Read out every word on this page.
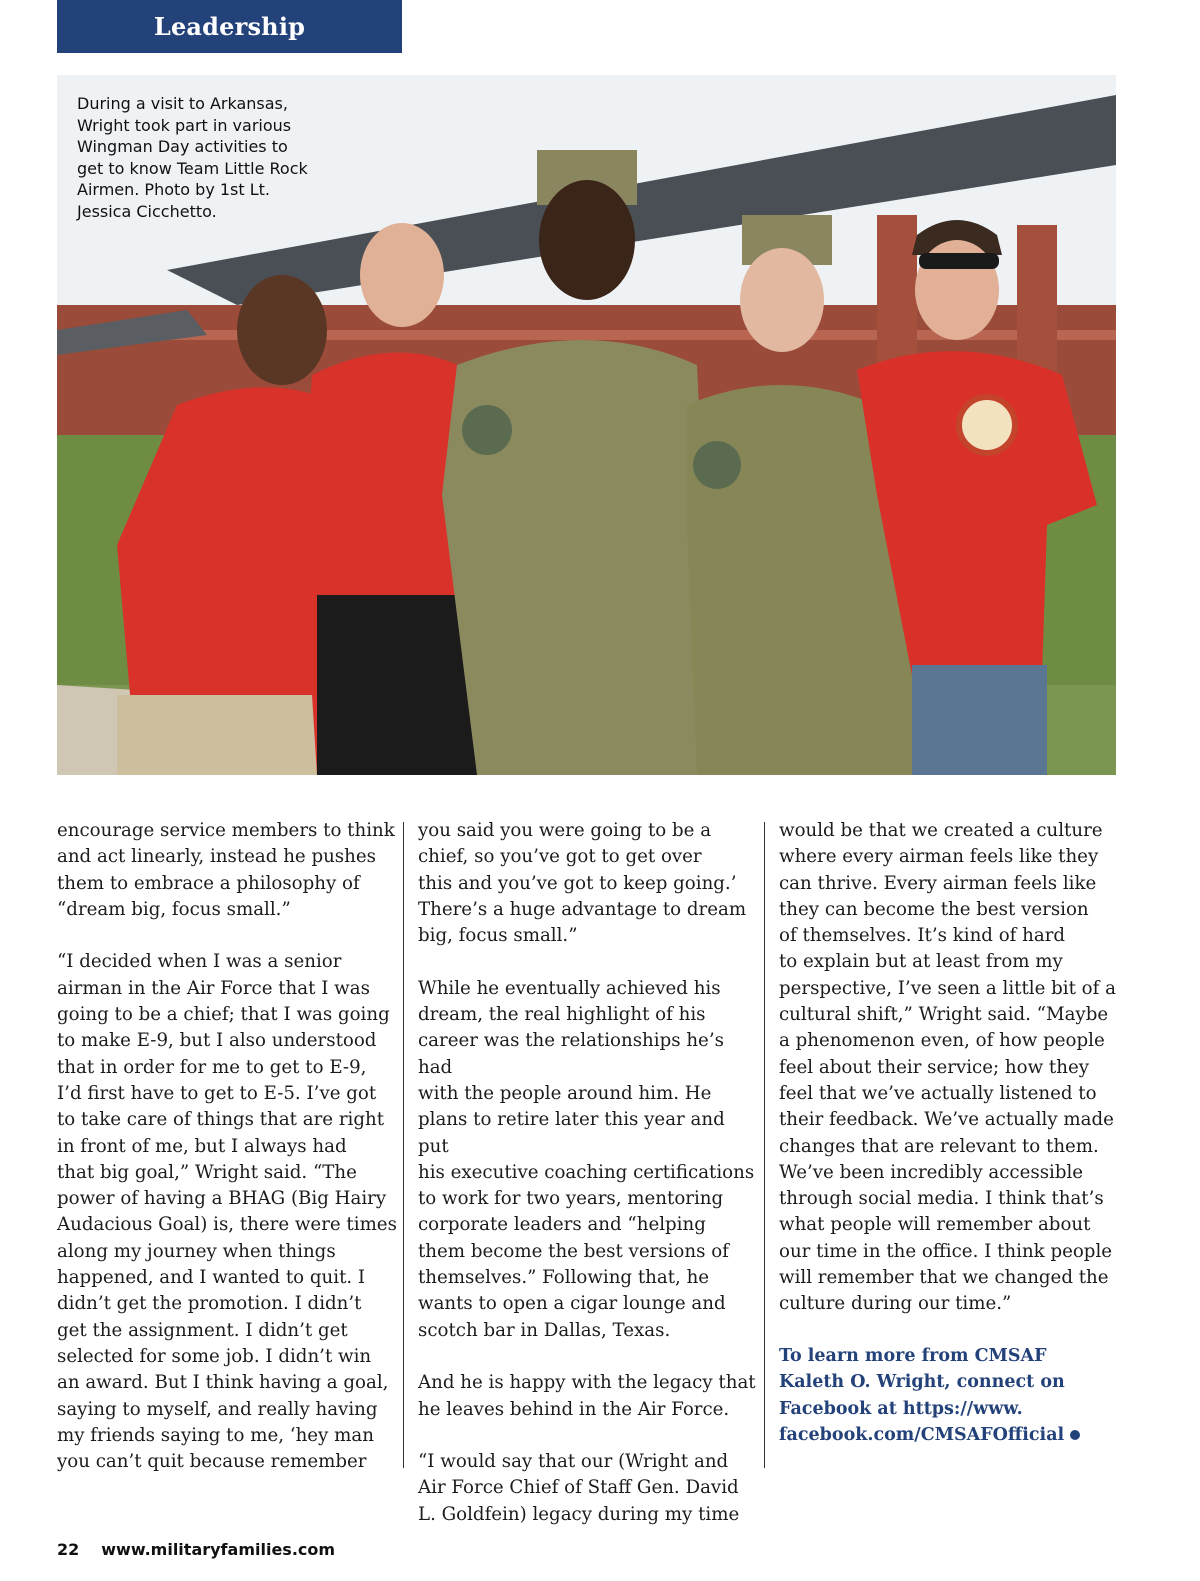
Leadership
During a visit to Arkansas,
Wright took part in various
Wingman Day activities to
get to know Team Little Rock
Airmen. Photo by 1st Lt.
Jessica Cicchetto.
encourage service members to think
and act linearly, instead he pushes
them to embrace a philosophy of
“dream big, focus small.”

“I decided when I was a senior
airman in the Air Force that I was
going to be a chief; that I was going
to make E-9, but I also understood
that in order for me to get to E-9,
I’d first have to get to E-5. I’ve got
to take care of things that are right
in front of me, but I always had
that big goal,” Wright said. “The
power of having a BHAG (Big Hairy
Audacious Goal) is, there were times
along my journey when things
happened, and I wanted to quit. I
didn’t get the promotion. I didn’t
get the assignment. I didn’t get
selected for some job. I didn’t win
an award. But I think having a goal,
saying to myself, and really having
my friends saying to me, ‘hey man
you can’t quit because remember
you said you were going to be a
chief, so you’ve got to get over
this and you’ve got to keep going.’
There’s a huge advantage to dream
big, focus small.”

While he eventually achieved his
dream, the real highlight of his
career was the relationships he’s had
with the people around him. He
plans to retire later this year and put
his executive coaching certifications
to work for two years, mentoring
corporate leaders and “helping
them become the best versions of
themselves.” Following that, he
wants to open a cigar lounge and
scotch bar in Dallas, Texas.

And he is happy with the legacy that
he leaves behind in the Air Force.

“I would say that our (Wright and
Air Force Chief of Staff Gen. David
L. Goldfein) legacy during my time
would be that we created a culture
where every airman feels like they
can thrive. Every airman feels like
they can become the best version
of themselves. It’s kind of hard
to explain but at least from my
perspective, I’ve seen a little bit of a
cultural shift,” Wright said. “Maybe
a phenomenon even, of how people
feel about their service; how they
feel that we’ve actually listened to
their feedback. We’ve actually made
changes that are relevant to them.
We’ve been incredibly accessible
through social media. I think that’s
what people will remember about
our time in the office. I think people
will remember that we changed the
culture during our time.”
To learn more from CMSAF
Kaleth O. Wright, connect on
Facebook at https://www.
facebook.com/CMSAFOfficial
22 www.militaryfamilies.com
